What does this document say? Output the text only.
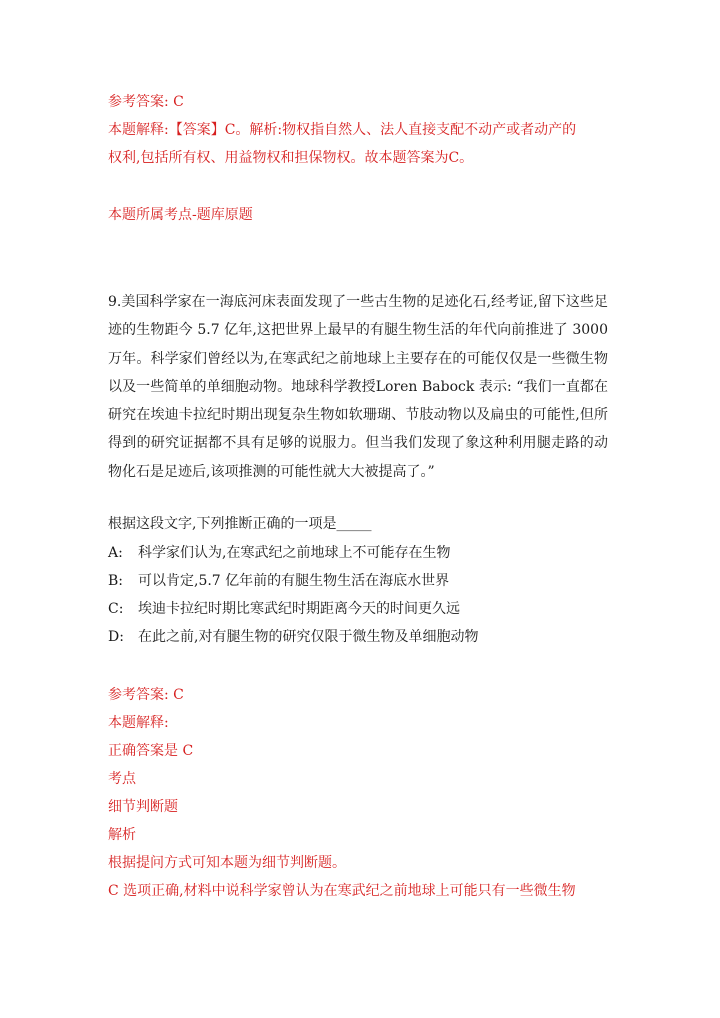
参考答案: C
本题解释:【答案】C。解析:物权指自然人、法人直接支配不动产或者动产的
权利,包括所有权、用益物权和担保物权。故本题答案为C。
本题所属考点-题库原题
9.美国科学家在一海底河床表面发现了一些古生物的足迹化石,经考证,留下这些足迹的生物距今 5.7 亿年,这把世界上最早的有腿生物生活的年代向前推进了 3000 万年。科学家们曾经以为,在寒武纪之前地球上主要存在的可能仅仅是一些微生物以及一些简单的单细胞动物。地球科学教授Loren Babock 表示: “我们一直都在研究在埃迪卡拉纪时期出现复杂生物如软珊瑚、节肢动物以及扁虫的可能性,但所得到的研究证据都不具有足够的说服力。但当我们发现了象这种利用腿走路的动物化石是足迹后,该项推测的可能性就大大被提高了。”
根据这段文字,下列推断正确的一项是_____
A: 科学家们认为,在寒武纪之前地球上不可能存在生物
B: 可以肯定,5.7 亿年前的有腿生物生活在海底水世界
C: 埃迪卡拉纪时期比寒武纪时期距离今天的时间更久远
D: 在此之前,对有腿生物的研究仅限于微生物及单细胞动物
参考答案: C
本题解释:
正确答案是 C
考点
细节判断题
解析
根据提问方式可知本题为细节判断题。
C 选项正确,材料中说科学家曾认为在寒武纪之前地球上可能只有一些微生物
